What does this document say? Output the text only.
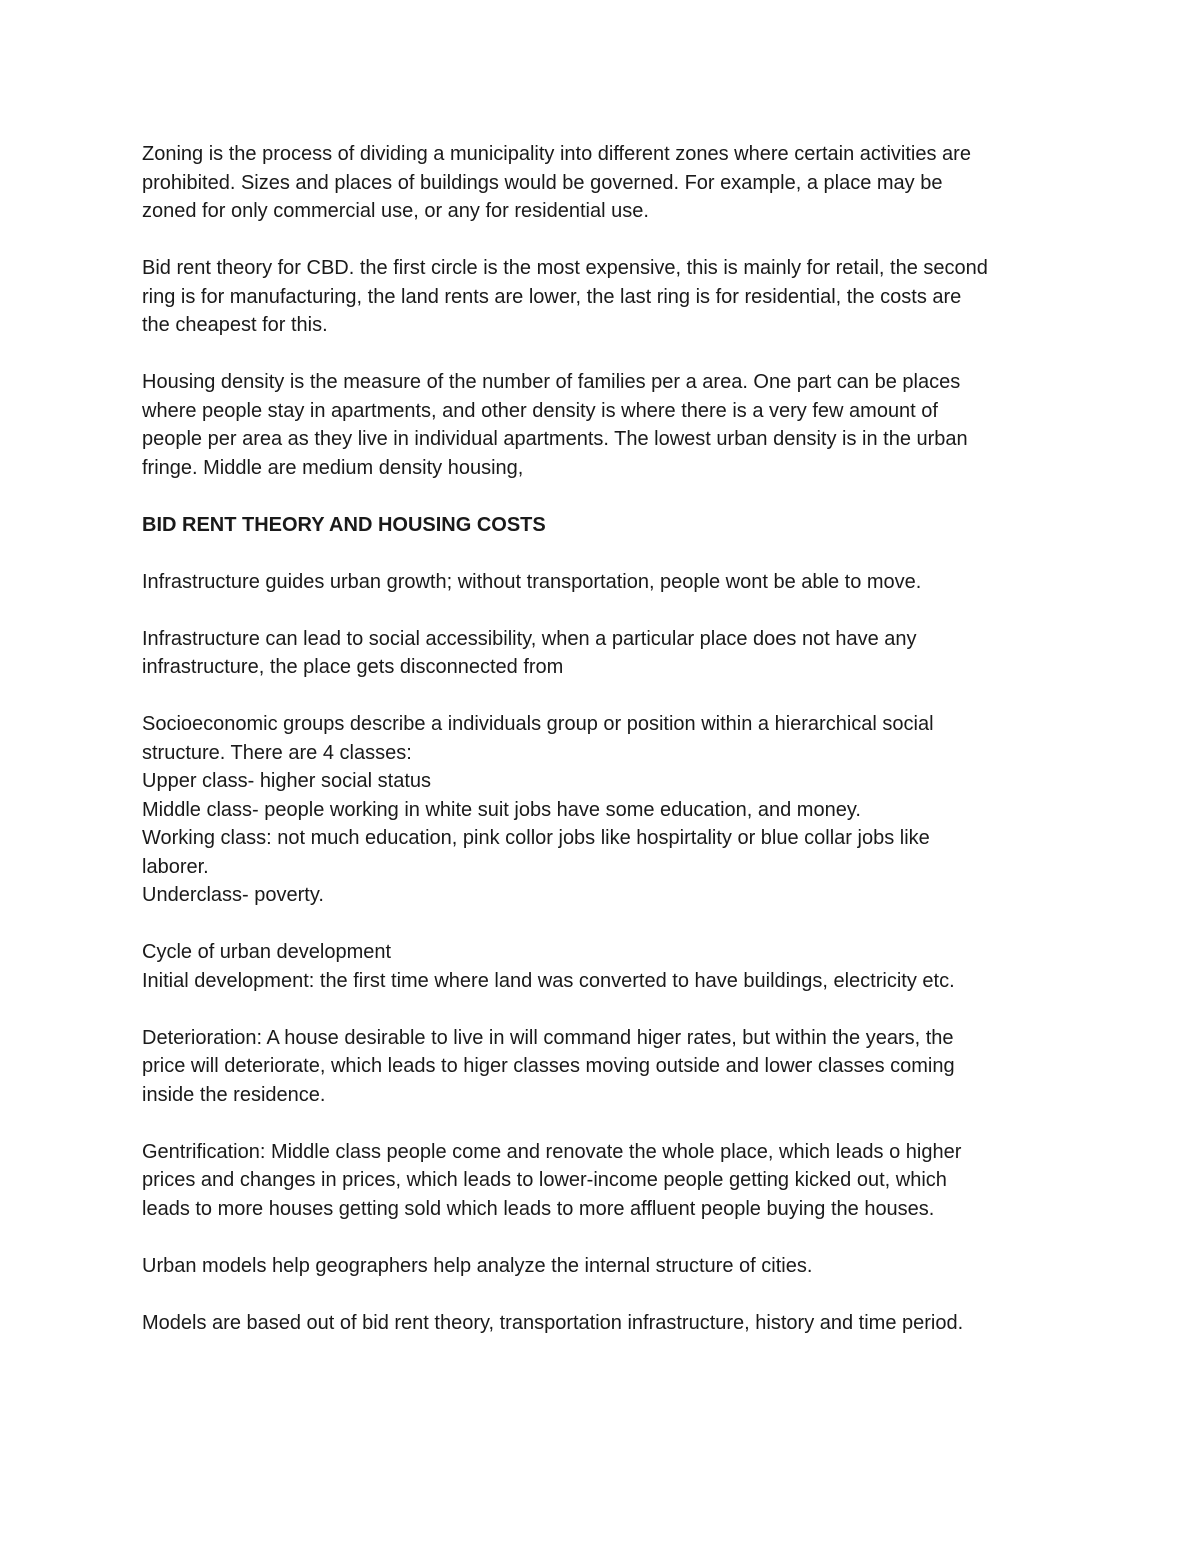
Zoning is the process of dividing a municipality into different zones where certain activities are
prohibited. Sizes and places of buildings would be governed. For example, a place may be
zoned for only commercial use, or any for residential use.

Bid rent theory for CBD. the first circle is the most expensive, this is mainly for retail, the second
ring is for manufacturing, the land rents are lower, the last ring is for residential, the costs are
the cheapest for this.

Housing density is the measure of the number of families per a area. One part can be places
where people stay in apartments, and other density is where there is a very few amount of
people per area as they live in individual apartments. The lowest urban density is in the urban
fringe. Middle are medium density housing,

BID RENT THEORY AND HOUSING COSTS

Infrastructure guides urban growth; without transportation, people wont be able to move.

Infrastructure can lead to social accessibility, when a particular place does not have any
infrastructure, the place gets disconnected from

Socioeconomic groups describe a individuals group or position within a hierarchical social
structure. There are 4 classes:
Upper class- higher social status
Middle class- people working in white suit jobs have some education, and money.
Working class: not much education, pink collor jobs like hospirtality or blue collar jobs like
laborer.
Underclass- poverty.

Cycle of urban development
Initial development: the first time where land was converted to have buildings, electricity etc.

Deterioration: A house desirable to live in will command higer rates, but within the years, the
price will deteriorate, which leads to higer classes moving outside and lower classes coming
inside the residence.

Gentrification: Middle class people come and renovate the whole place, which leads o higher
prices and changes in prices, which leads to lower-income people getting kicked out, which
leads to more houses getting sold which leads to more affluent people buying the houses.

Urban models help geographers help analyze the internal structure of cities.

Models are based out of bid rent theory, transportation infrastructure, history and time period.
